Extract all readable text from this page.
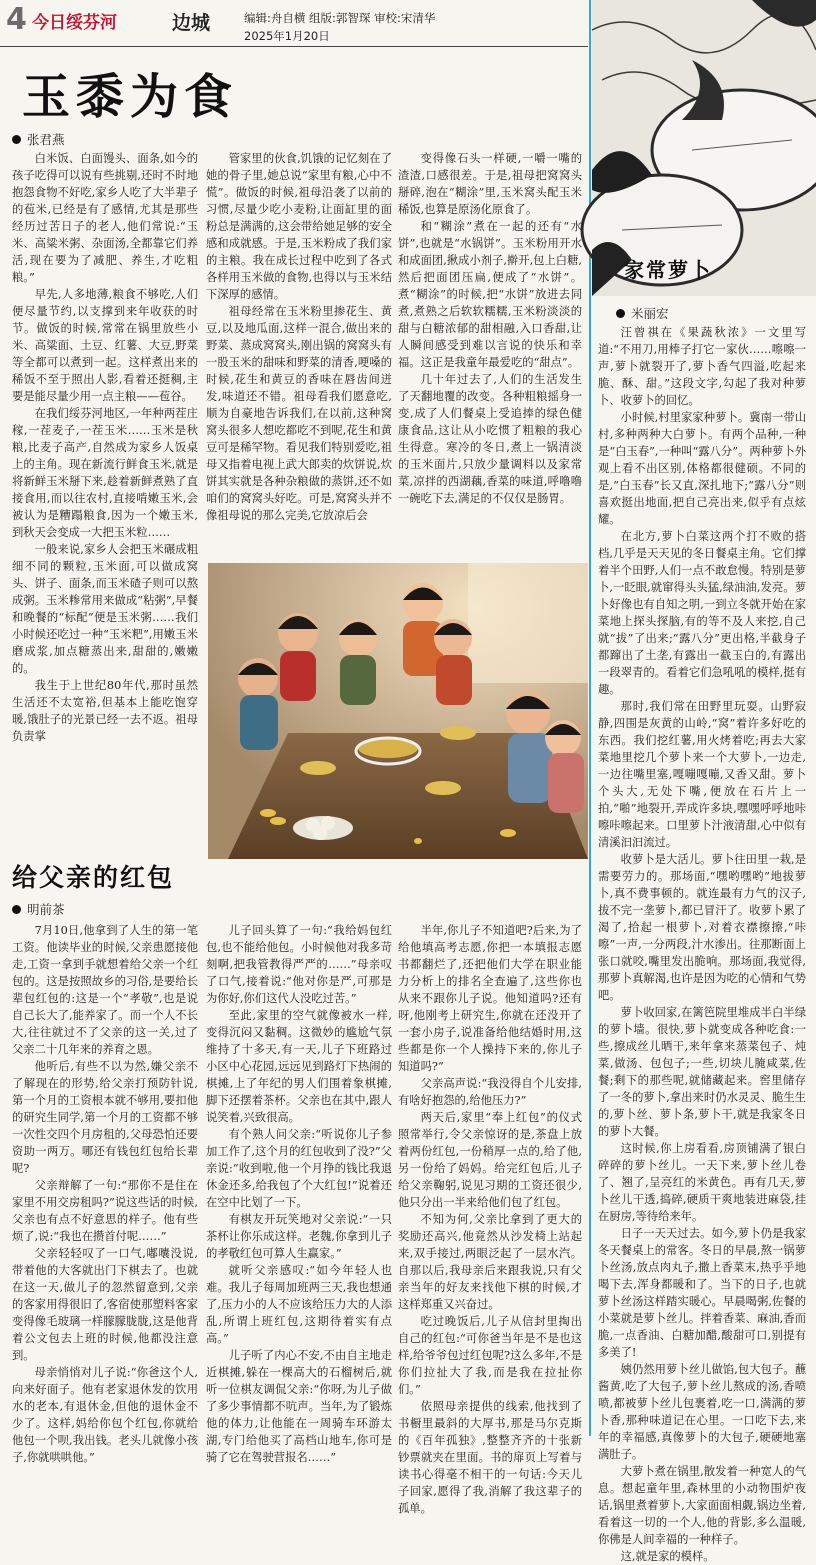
4 今日绥芬河	边城	编辑:舟自横 组版:郭智琛 审校:宋清华
2025年1月20日
玉黍为食
张君燕

白米饭、白面馒头、面条,如今的孩子吃得可以说有些挑剔,还时不时地抱怨食物不好吃,家乡人吃了大半辈子的苞米,已经是有了感情,尤其是那些经历过苦日子的老人,他们常说:“玉米、高粱米粥、杂面汤,全都靠它们养活,现在要为了减肥、养生,才吃粗粮。”

早先,人多地薄,粮食不够吃,人们便尽量节约,以支撑到来年收获的时节。做饭的时候,常常在锅里放些小米、高粱面、土豆、红薯、大豆,野菜等全都可以煮到一起。这样煮出来的稀饭不至于照出人影,看着还挺稠,主要是能尽量少用一点主粮——苞谷。

在我们绥芬河地区,一年种两茬庄稼,一茬麦子,一茬玉米……玉米是秋粮,比麦子高产,自然成为家乡人饭桌上的主角。现在新流行鲜食玉米,就是将新鲜玉米掰下来,趁着新鲜煮熟了直接食用,而以往农村,直接啃嫩玉米,会被认为是糟蹋粮食,因为一个嫩玉米,到秋天会变成一大把玉米粒……

一般来说,家乡人会把玉米碾成粗细不同的颗粒,玉米面,可以做成窝头、饼子、面条,而玉米碴子则可以熬成粥。玉米糁常用来做成“粘粥”,早餐和晚餐的“标配”便是玉米粥……我们小时候还吃过一种“玉米粑”,用嫩玉米磨成浆,加点糖蒸出来,甜甜的,嫩嫩的。

我生于上世纪80年代,那时虽然生活还不太宽裕,但基本上能吃饱穿暖,饿肚子的光景已经一去不返。祖母负责掌

管家里的伙食,饥饿的记忆刻在了她的骨子里,她总说“家里有粮,心中不慌”。做饭的时候,祖母沿袭了以前的习惯,尽量少吃小麦粉,让面缸里的面粉总是满满的,这会带给她足够的安全感和成就感。于是,玉米粉成了我们家的主粮。我在成长过程中吃到了各式各样用玉米做的食物,也得以与玉米结下深厚的感情。

祖母经常在玉米粉里掺花生、黄豆,以及地瓜面,这样一混合,做出来的野菜、蒸成窝窝头,刚出锅的窝窝头有一股玉米的甜味和野菜的清香,哽嗓的时候,花生和黄豆的香味在唇齿间迸发,味道还不错。祖母看我们愿意吃,顺为自豪地告诉我们,在以前,这种窝窝头很多人想吃都吃不到呢,花生和黄豆可是稀罕物。看见我们特别爱吃,祖母又指着电视上武大郎卖的炊饼说,炊饼其实就是各种杂粮做的蒸饼,还不如咱们的窝窝头好吃。可是,窝窝头并不像祖母说的那么完美,它放凉后会

变得像石头一样硬,一嚼一嘴的渣渣,口感很差。于是,祖母把窝窝头掰碎,泡在“糊涂”里,玉米窝头配玉米稀饭,也算是原汤化原食了。

和“糊涂”煮在一起的还有“水饼”,也就是“水锅饼”。玉米粉用开水和成面团,揪成小剂子,擀开,包上白糖,然后把面团压扁,便成了“水饼”。煮“糊涂”的时候,把“水饼”放进去同煮,煮熟之后软软糯糯,玉米粉淡淡的甜与白糖浓郁的甜相融,入口香甜,让人瞬间感受到难以言说的快乐和幸福。这正是我童年最爱吃的“甜点”。

几十年过去了,人们的生活发生了天翻地覆的改变。各种粗粮摇身一变,成了人们餐桌上受追捧的绿色健康食品,这让从小吃惯了粗粮的我心生得意。寒冷的冬日,煮上一锅清淡的玉米面片,只放少量调料以及家常菜,凉拌的西湖藕,香菜的味道,呼噜噜一碗吃下去,满足的不仅仅是肠胃。

给父亲的红包
明前茶

7月10日,他拿到了人生的第一笔工资。他读毕业的时候,父亲患愿接他走,工资一拿到手就想着给父亲一个红包的。这是按照故乡的习俗,是要给长辈包红包的:这是一个“孝敬”,也是说自己长大了,能养家了。而一个人不长大,往往就过不了父亲的这一关,过了父亲二十几年来的养育之恩。

他听后,有些不以为然,嫌父亲不了解现在的形势,给父亲打预防针说,第一个月的工资根本就不够用,要扣他的研究生同学,第一个月的工资都不够一次性交四个月房租的,父母恐怕还要资助一两万。哪还有钱包红包给长辈呢?

父亲辩解了一句:“那你不是住在家里不用交房租吗?”说这些话的时候,父亲也有点不好意思的样子。他有些烦了,说:“我也在攒首付呢……”

父亲轻轻叹了一口气,嘟囔没说,带着他的大客就出门下棋去了。也就在这一天,做儿子的忽然留意到,父亲的客家用得很旧了,客宿使那塑料客家变得像毛玻璃一样朦朦胧胧,这是他背着公文包去上班的时候,他都没注意到。

母亲悄悄对儿子说:“你爸这个人,向来好面子。他有老家退休发的饮用水的老本,有退休金,但他的退休金不少了。这样,妈给你包个红包,你就给他包一个呗,我出钱。老头儿就像小孩子,你就哄哄他。”

儿子回头算了一句:“我给妈包红包,也不能给他包。小时候他对我多苛刻啊,把我管教得严严的……”母亲叹了口气,接着说:“他对你是严,可那是为你好,你们这代人没吃过苦。”

至此,家里的空气就像被水一样,变得沉闷又黏稠。这微妙的尴尬气氛维持了十多天,有一天,儿子下班路过小区中心花园,远远见到路灯下热闹的棋摊,上了年纪的男人们围着象棋摊,脚下还摆着茶杯。父亲也在其中,跟人说笑着,兴致很高。

有个熟人问父亲:“听说你儿子参加工作了,这个月的红包收到了没?”父亲说:“收到啦,他一个月挣的钱比我退休金还多,给我包了个大红包!”说着还在空中比划了一下。

有棋友开玩笑地对父亲说:“一只茶杯让你乐成这样。老魏,你拿到儿子的孝敬红包可算人生赢家。”

就听父亲感叹:“如今年轻人也难。我儿子每周加班两三天,我也想通了,压力小的人不应该给压力大的人添乱,所谓上班红包,这期待着实有点高。”

儿子听了内心不安,不由自主地走近棋摊,躲在一棵高大的石榴树后,就听一位棋友调侃父亲:“你呀,为儿子做了多少事情都不吭声。当年,为了锻炼他的体力,让他能在一周骑车环游太湖,专门给他买了高档山地车,你可是骑了它在驾驶营报名……”

半年,你儿子不知道吧?后来,为了给他填高考志愿,你把一本填报志愿书都翻烂了,还把他们大学在职业能力分析上的排名全查遍了,这些你也从来不跟你儿子说。他知道吗?还有呀,他刚考上研究生,你就在还没开了一套小房子,说准备给他结婚时用,这些都是你一个人操持下来的,你儿子知道吗?”

父亲高声说:“我没得自个儿安排,有啥好抱怨的,给他压力?”

两天后,家里“奉上红包”的仪式照常举行,令父亲惊讶的是,茶盘上放着两份红包,一份稍厚一点的,给了他,另一份给了妈妈。给完红包后,儿子给父亲鞠躬,说见习期的工资还很少,他只分出一半来给他们包了红包。

不知为何,父亲比拿到了更大的奖励还高兴,他竟然从沙发椅上站起来,双手接过,两眼泛起了一层水汽。自那以后,我母亲后来跟我说,只有父亲当年的好友来找他下棋的时候,才这样郑重又兴奋过。

吃过晚饭后,儿子从信封里掏出自己的红包:“可你爸当年是不是也这样,给爷爷包过红包呢?这么多年,不是你们拉扯大了我,而是我在拉扯你们。”

依照母亲提供的线索,他找到了书橱里最斜的大厚书,那是马尔克斯的《百年孤独》,整整齐齐的十张新钞票就夹在里面。书的扉页上写着与读书心得毫不相干的一句话:今天儿子回家,愿得了我,消解了我这辈子的孤单。

家常萝卜
米丽宏

汪曾祺在《果蔬秋浓》一文里写道:“不用刀,用棒子打它一家伙……嚓嚓一声,萝卜就裂开了,萝卜香气四溢,吃起来脆、酥、甜。”这段文字,勾起了我对种萝卜、收萝卜的回忆。

小时候,村里家家种萝卜。冀南一带山村,多种两种大白萝卜。有两个品种,一种是“白玉春”,一种叫“露八分”。两种萝卜外观上看不出区别,体格都很健硕。不同的是,“白玉春”长又直,深扎地下;“露八分”则喜欢挺出地面,把自己亮出来,似乎有点炫耀。

在北方,萝卜白菜这两个打不败的搭档,几乎是天天见的冬日餐桌主角。它们撑着半个田野,人们一点不敢怠慢。特别是萝卜,一眨眼,就窜得头头猛,绿油油,发亮。萝卜好像也有自知之明,一到立冬就开始在家菜地上探头探脑,有的等不及人来挖,自己就“拔”了出来;“露八分”更出格,半截身子都蹿出了土垄,有露出一截玉白的,有露出一段翠青的。看着它们急吼吼的模样,挺有趣。

那时,我们常在田野里玩耍。山野寂静,四围是灰黄的山岭,“窝”着许多好吃的东西。我们挖红薯,用火烤着吃;再去大家菜地里挖几个萝卜来一个大萝卜,一边走,一边往嘴里塞,嘎嘣嘎嘣,又香又甜。萝卜个头大,无处下嘴,便放在石片上一拍,“啪”地裂开,弄成许多块,嘿嘿呼呼地咔嚓咔嚓起来。口里萝卜汁液清甜,心中似有清溪汩汩流过。

收萝卜是大活儿。萝卜往田里一栽,是需要劳力的。那场面,“嘿哟嘿哟”地拔萝卜,真不费事顿的。就连最有力气的汉子,拔不完一垄萝卜,都已冒汗了。收萝卜累了渴了,拾起一根萝卜,对着衣襟擦擦,“咔嚓”一声,一分两段,汁水渗出。往那断面上张口就咬,嘴里发出脆响。那场面,我觉得,那萝卜真解渴,也许是因为吃的心情和气势吧。

萝卜收回家,在篱笆院里堆成半白半绿的萝卜墙。很快,萝卜就变成各种吃食:一些,擦成丝儿晒干,来年拿来蒸菜包子、炖菜,做汤、包包子;一些,切块儿腌咸菜,佐餐;剩下的那些呢,就储藏起来。窖里储存了一冬的萝卜,拿出来时仍水灵灵、脆生生的,萝卜丝、萝卜条,萝卜干,就是我家冬日的萝卜大餐。

这时候,你上房看看,房顶铺满了银白碎碎的萝卜丝儿。一天下来,萝卜丝儿卷了、翘了,呈亮红的米黄色。再有几天,萝卜丝儿干透,捣碎,硬质干爽地装进麻袋,挂在厨房,等待给来年。

日子一天天过去。如今,萝卜仍是我家冬天餐桌上的常客。冬日的早晨,熬一锅萝卜丝汤,放点肉丸子,撒上香菜末,热乎乎地喝下去,浑身都暖和了。当下的日子,也就萝卜丝汤这样踏实暖心。早晨喝粥,佐餐的小菜就是萝卜丝儿。拌着香菜、麻油,香而脆,一点香油、白糖加醋,酸甜可口,别提有多美了!

姨仍然用萝卜丝儿做馅,包大包子。蘸酱黄,吃了大包子,萝卜丝儿熬成的汤,香喷喷,都被萝卜丝儿包裹着,吃一口,满满的萝卜香,那种味道记在心里。一口吃下去,来年的幸福感,真像萝卜的大包子,硬硬地塞满肚子。

大萝卜煮在锅里,散发着一种宽人的气息。想起童年里,森林里的小动物围炉夜话,锅里煮着萝卜,大家面面相觑,锅边坐着,看着这一切的一个人,他的背影,多么温暖,你佛是人间幸福的一种样子。

这,就是家的模样。
